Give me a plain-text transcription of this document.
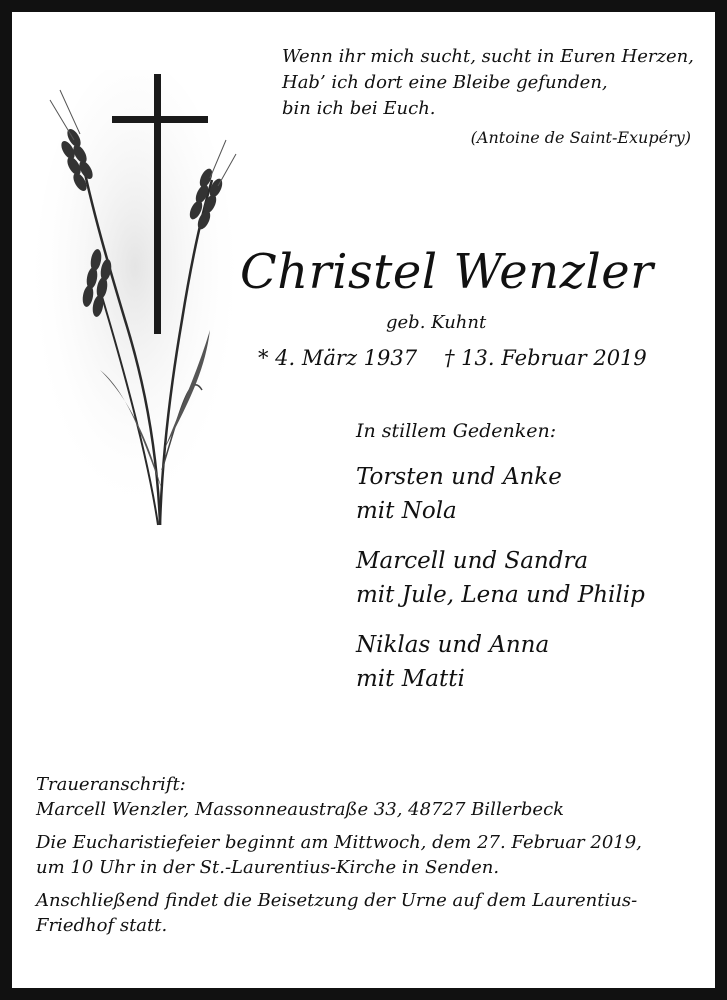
Wenn ihr mich sucht, sucht in Euren Herzen,
Hab’ ich dort eine Bleibe gefunden,
bin ich bei Euch.
(Antoine de Saint-Exupéry)
Christel Wenzler
geb. Kuhnt
* 4. März 1937 † 13. Februar 2019
In stillem Gedenken:
Torsten und Anke
mit Nola
Marcell und Sandra
mit Jule, Lena und Philip
Niklas und Anna
mit Matti

Traueranschrift:
Marcell Wenzler, Massonneaustraße 33, 48727 Billerbeck

Die Eucharistiefeier beginnt am Mittwoch, dem 27. Februar 2019,
um 10 Uhr in der St.-Laurentius-Kirche in Senden.

Anschließend findet die Beisetzung der Urne auf dem Laurentius-
Friedhof statt.
